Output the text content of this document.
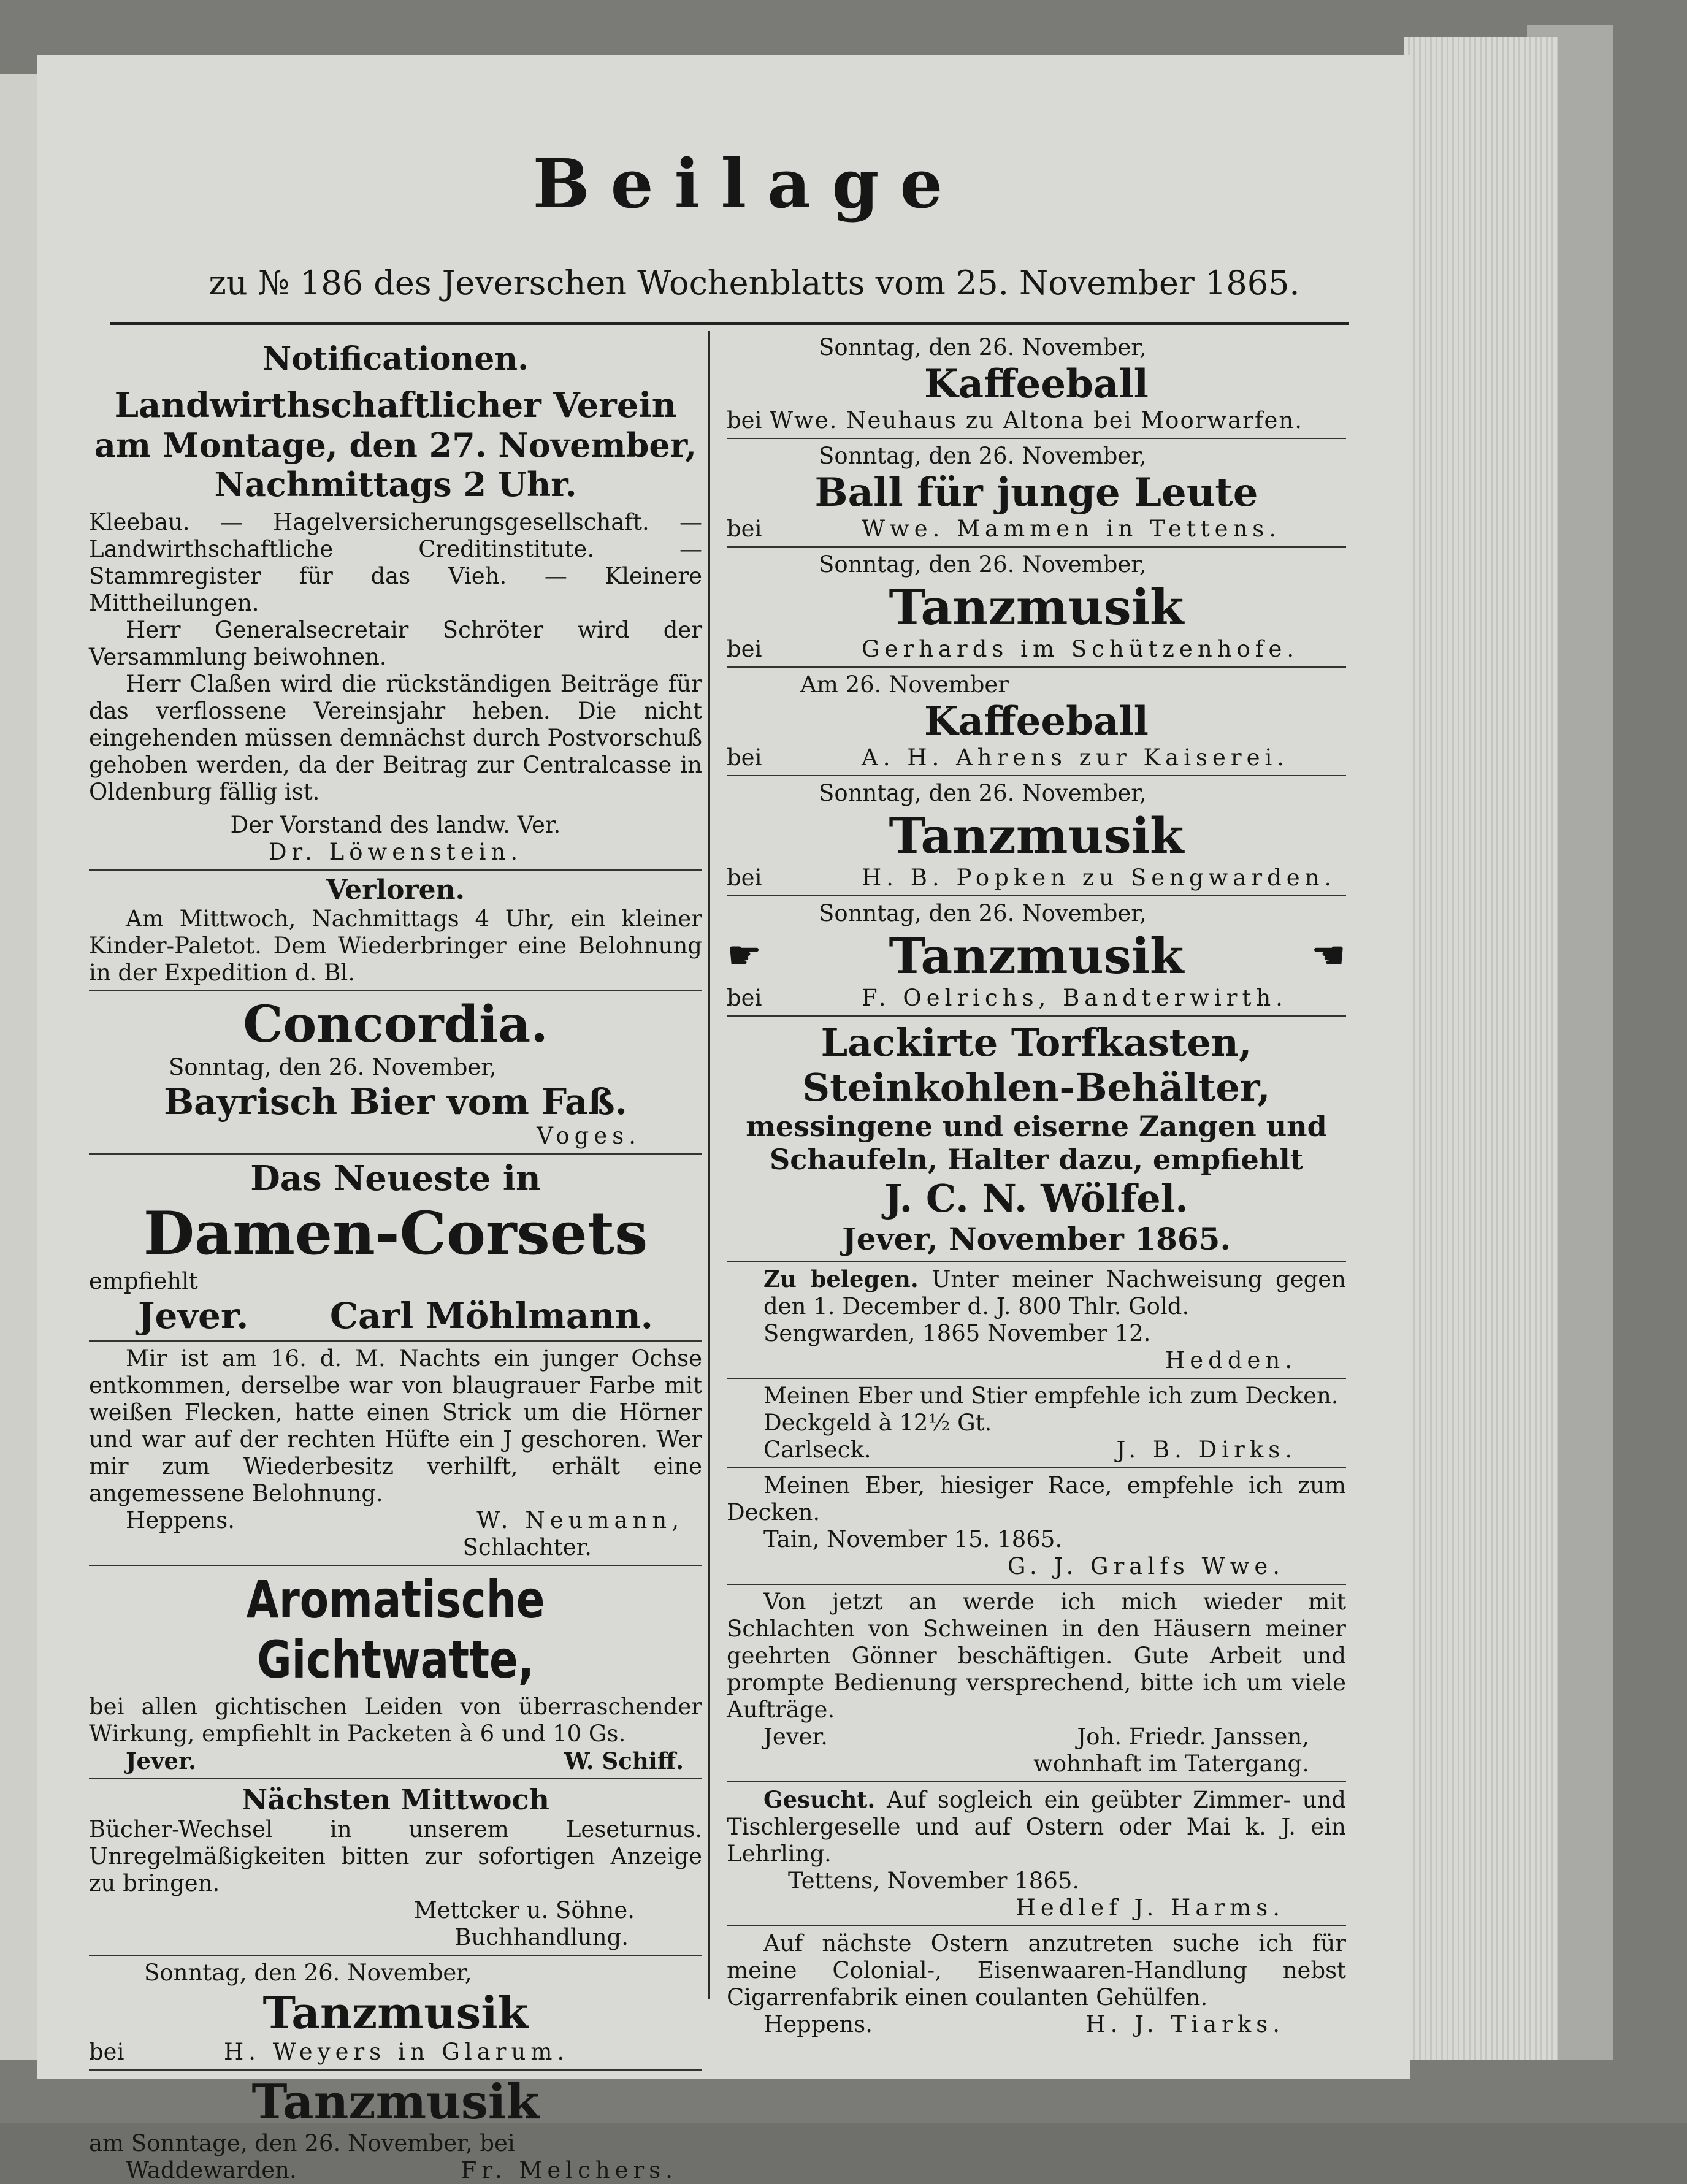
Beilage
zu № 186 des Jeverschen Wochenblatts vom 25. November 1865.
Notificationen.
Landwirthschaftlicher Verein
am Montage, den 27. November,
Nachmittags 2 Uhr.
Kleebau. — Hagelversicherungsgesellschaft. — Landwirthschaftliche Creditinstitute. — Stammregister für das Vieh. — Kleinere Mittheilungen.
Herr Generalsecretair Schröter wird der Versammlung beiwohnen.
Herr Claßen wird die rückständigen Beiträge für das verflossene Vereinsjahr heben. Die nicht eingehenden müssen demnächst durch Postvorschuß gehoben werden, da der Beitrag zur Centralcasse in Oldenburg fällig ist.
Der Vorstand des landw. Ver.
Dr. Löwenstein.
Verloren.
Am Mittwoch, Nachmittags 4 Uhr, ein kleiner Kinder-Paletot. Dem Wiederbringer eine Belohnung in der Expedition d. Bl.
Concordia.
Sonntag, den 26. November,
Bayrisch Bier vom Faß.
Voges.
Das Neueste in
Damen-Corsets
empfiehlt
Jever. Carl Möhlmann.
Mir ist am 16. d. M. Nachts ein junger Ochse entkommen, derselbe war von blaugrauer Farbe mit weißen Flecken, hatte einen Strick um die Hörner und war auf der rechten Hüfte ein J geschoren. Wer mir zum Wiederbesitz verhilft, erhält eine angemessene Belohnung.
Heppens.	W. Neumann,
Schlachter.
Aromatische Gichtwatte,
bei allen gichtischen Leiden von überraschender Wirkung, empfiehlt in Packeten à 6 und 10 Gs.
Jever.	W. Schiff.
Nächsten Mittwoch
Bücher-Wechsel in unserem Leseturnus. Unregelmäßigkeiten bitten zur sofortigen Anzeige zu bringen.
Mettcker u. Söhne.
Buchhandlung.
Sonntag, den 26. November,
Tanzmusik
bei	H. Weyers in Glarum.
Tanzmusik
am Sonntage, den 26. November, bei
Waddewarden.	Fr. Melchers.
Sonntag, den 26. November,
Kaffeeball
bei Wwe. Neuhaus zu Altona bei Moorwarfen.
Sonntag, den 26. November,
Ball für junge Leute
bei	Wwe. Mammen in Tettens.
Sonntag, den 26. November,
Tanzmusik
bei	Gerhards im Schützenhofe.
Am 26. November
Kaffeeball
bei	A. H. Ahrens zur Kaiserei.
Sonntag, den 26. November,
Tanzmusik
bei	H. B. Popken zu Sengwarden.
Sonntag, den 26. November,
☛	Tanzmusik	☚
bei	F. Oelrichs, Bandterwirth.
Lackirte Torfkasten,
Steinkohlen-Behälter,
messingene und eiserne Zangen und
Schaufeln, Halter dazu, empfiehlt
J. C. N. Wölfel.
Jever, November 1865.
Zu belegen. Unter meiner Nachweisung gegen den 1. December d. J. 800 Thlr. Gold.
Sengwarden, 1865 November 12.
Hedden.
Meinen Eber und Stier empfehle ich zum Decken. Deckgeld à 12½ Gt.
Carlseck.	J. B. Dirks.
Meinen Eber, hiesiger Race, empfehle ich zum Decken.
Tain, November 15. 1865.
G. J. Gralfs Wwe.
Von jetzt an werde ich mich wieder mit Schlachten von Schweinen in den Häusern meiner geehrten Gönner beschäftigen. Gute Arbeit und prompte Bedienung versprechend, bitte ich um viele Aufträge.
Jever.	Joh. Friedr. Janssen,
wohnhaft im Tatergang.
Gesucht. Auf sogleich ein geübter Zimmer- und Tischlergeselle und auf Ostern oder Mai k. J. ein Lehrling.
Tettens, November 1865.
Hedlef J. Harms.
Auf nächste Ostern anzutreten suche ich für meine Colonial-, Eisenwaaren-Handlung nebst Cigarrenfabrik einen coulanten Gehülfen.
Heppens.	H. J. Tiarks.
